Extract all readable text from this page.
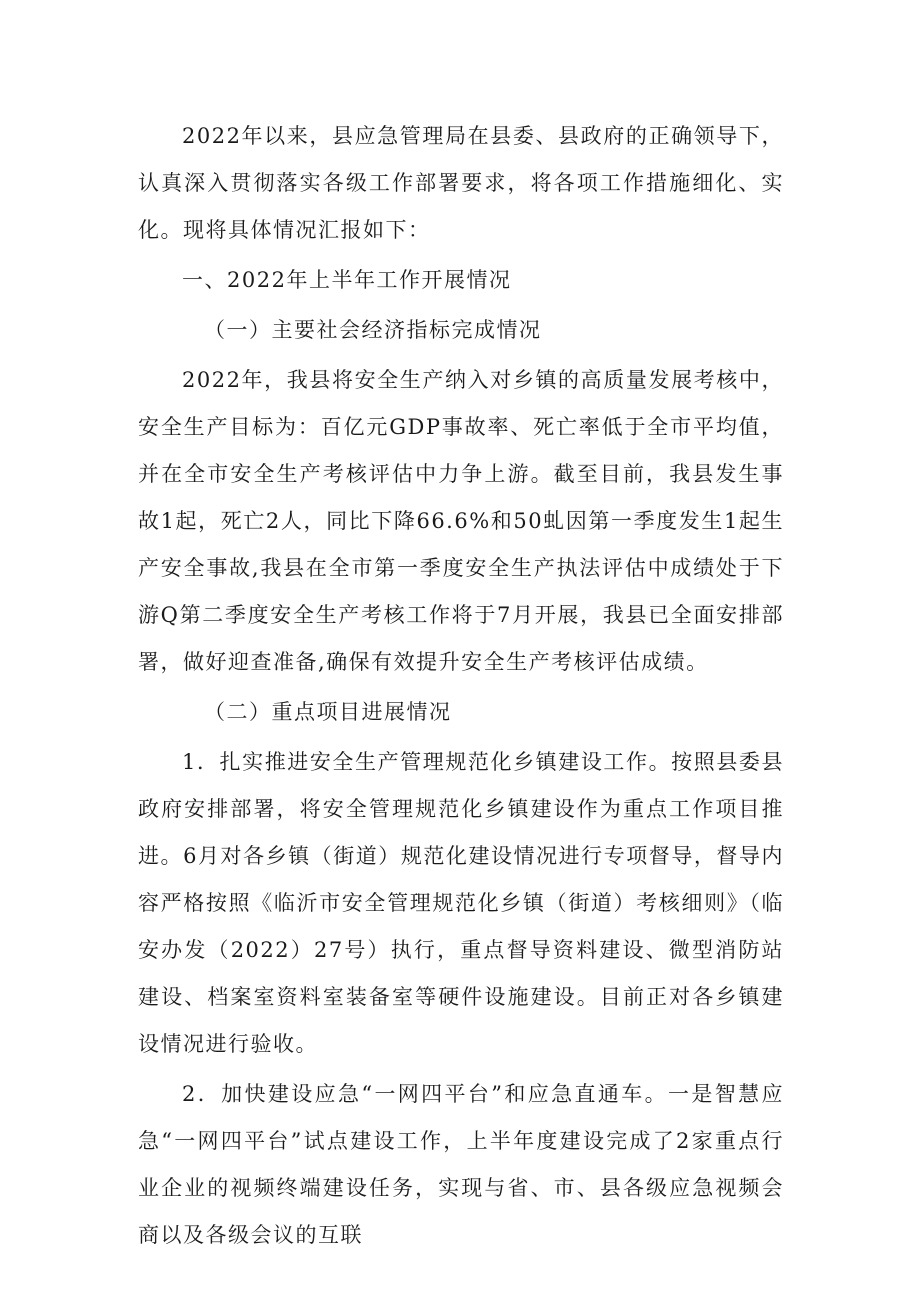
2022年以来，县应急管理局在县委、县政府的正确领导下，认真深入贯彻落实各级工作部署要求，将各项工作措施细化、实化。现将具体情况汇报如下：

一、2022年上半年工作开展情况

（一）主要社会经济指标完成情况

2022年，我县将安全生产纳入对乡镇的高质量发展考核中，安全生产目标为：百亿元GDP事故率、死亡率低于全市平均值，并在全市安全生产考核评估中力争上游。截至目前，我县发生事故1起，死亡2人，同比下降66.6%和50虬因第一季度发生1起生产安全事故,我县在全市第一季度安全生产执法评估中成绩处于下游Q第二季度安全生产考核工作将于7月开展，我县已全面安排部署，做好迎查准备,确保有效提升安全生产考核评估成绩。

（二）重点项目进展情况

1．扎实推进安全生产管理规范化乡镇建设工作。按照县委县政府安排部署，将安全管理规范化乡镇建设作为重点工作项目推进。6月对各乡镇（街道）规范化建设情况进行专项督导，督导内容严格按照《临沂市安全管理规范化乡镇（街道）考核细则》（临安办发（2022）27号）执行，重点督导资料建设、微型消防站建设、档案室资料室装备室等硬件设施建设。目前正对各乡镇建设情况进行验收。

2．加快建设应急“一网四平台”和应急直通车。一是智慧应急“一网四平台”试点建设工作，上半年度建设完成了2家重点行业企业的视频终端建设任务，实现与省、市、县各级应急视频会商以及各级会议的互联
